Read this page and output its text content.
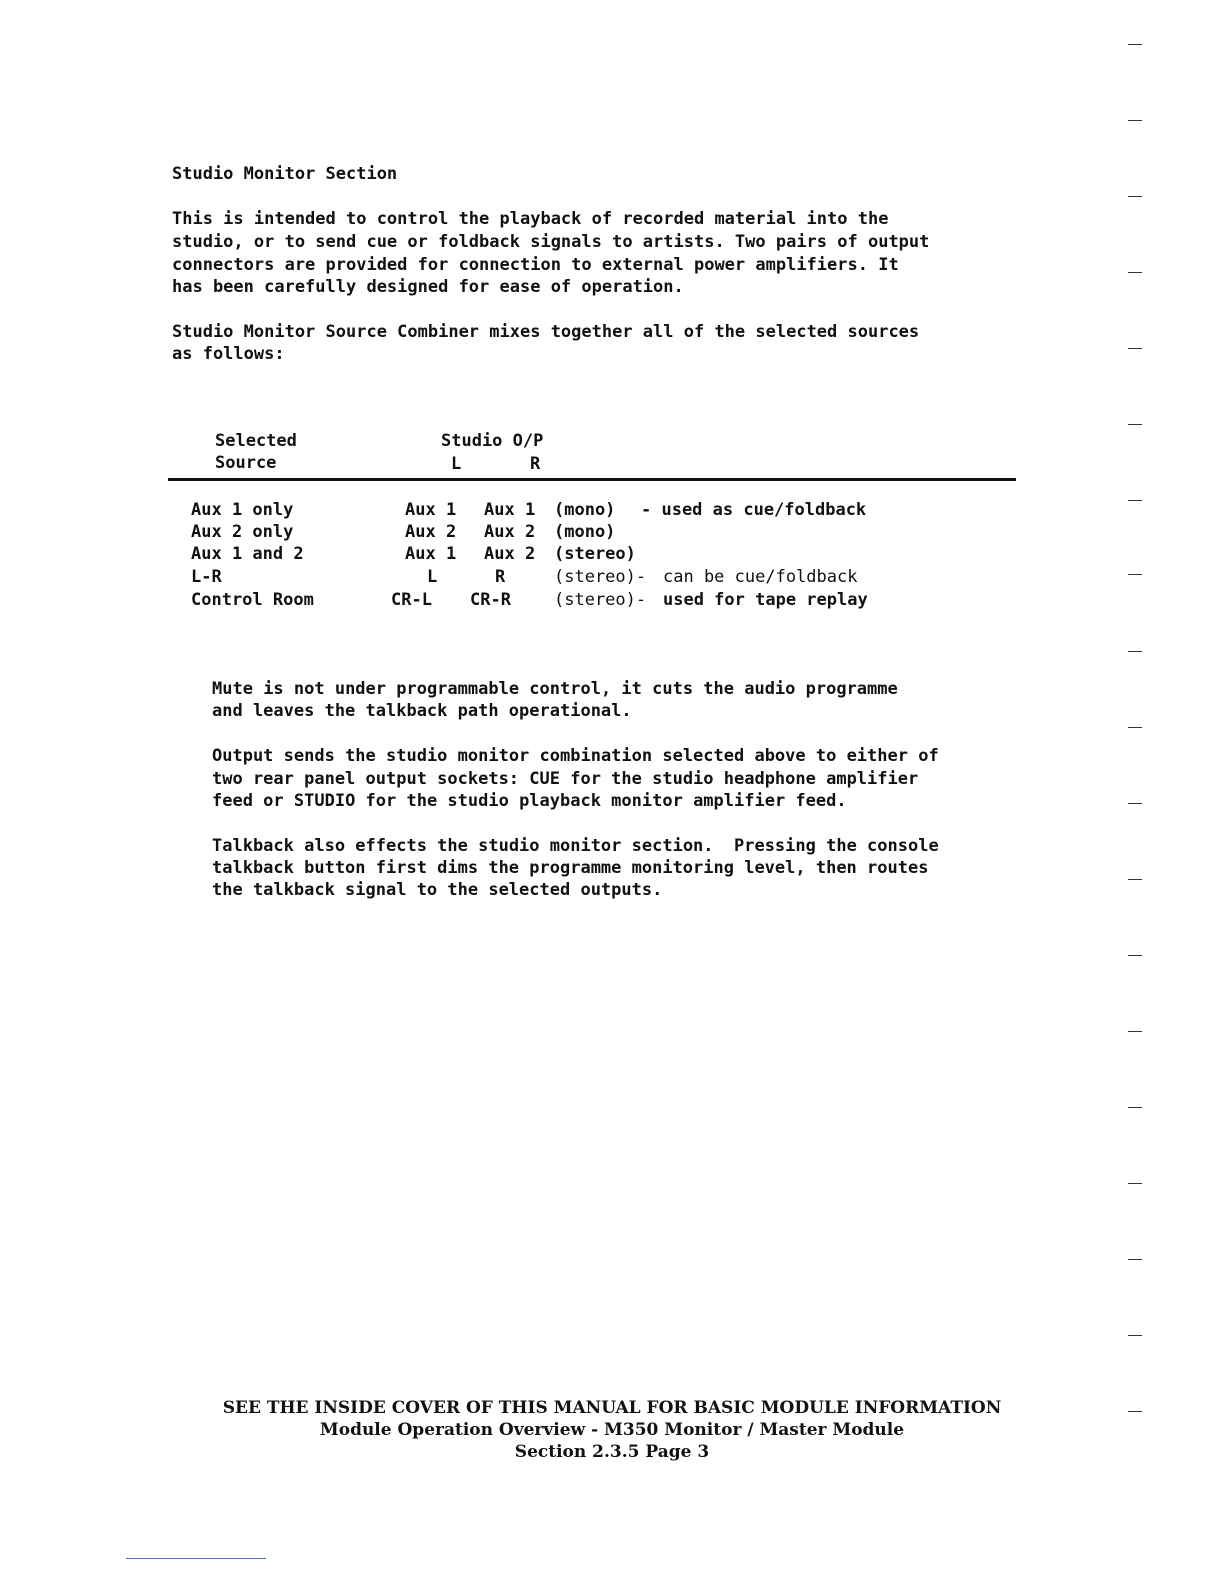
Studio Monitor Section
This is intended to control the playback of recorded material into the
studio, or to send cue or foldback signals to artists. Two pairs of output
connectors are provided for connection to external power amplifiers. It
has been carefully designed for ease of operation.
Studio Monitor Source Combiner mixes together all of the selected sources
as follows:
Selected
Source
Studio O/P
L	R
Aux 1 only	Aux 1 Aux 1 (mono) - used as cue/foldback
Aux 2 only	Aux 2 Aux 2 (mono)
Aux 1 and 2	Aux 1 Aux 2 (stereo)
L-R	L	R	(stereo)- can be cue/foldback
Control Room	CR-L CR-R	(stereo)- used for tape replay
Mute is not under programmable control, it cuts the audio programme
and leaves the talkback path operational.
Output sends the studio monitor combination selected above to either of
two rear panel output sockets: CUE for the studio headphone amplifier
feed or STUDIO for the studio playback monitor amplifier feed.
Talkback also effects the studio monitor section.  Pressing the console
talkback button first dims the programme monitoring level, then routes
the talkback signal to the selected outputs.
SEE THE INSIDE COVER OF THIS MANUAL FOR BASIC MODULE INFORMATION
Module Operation Overview - M350 Monitor / Master Module
Section 2.3.5 Page 3
